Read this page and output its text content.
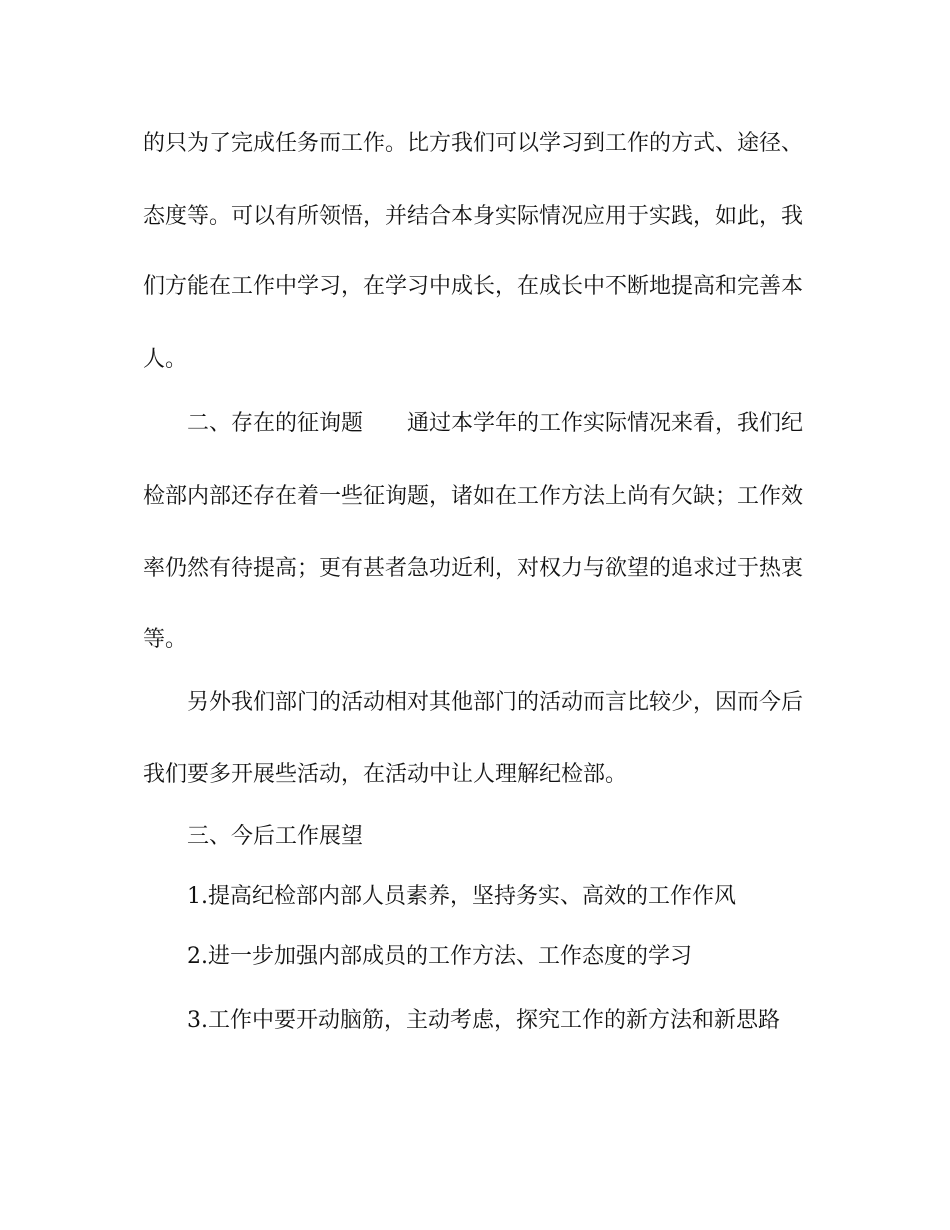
的只为了完成任务而工作。比方我们可以学习到工作的方式、途径、
态度等。可以有所领悟，并结合本身实际情况应用于实践，如此，我
们方能在工作中学习，在学习中成长，在成长中不断地提高和完善本
人。
二、存在的征询题　　通过本学年的工作实际情况来看，我们纪
检部内部还存在着一些征询题，诸如在工作方法上尚有欠缺；工作效
率仍然有待提高；更有甚者急功近利，对权力与欲望的追求过于热衷
等。
另外我们部门的活动相对其他部门的活动而言比较少，因而今后
我们要多开展些活动，在活动中让人理解纪检部。
三、今后工作展望
1.提高纪检部内部人员素养，坚持务实、高效的工作作风
2.进一步加强内部成员的工作方法、工作态度的学习
3.工作中要开动脑筋，主动考虑，探究工作的新方法和新思路
